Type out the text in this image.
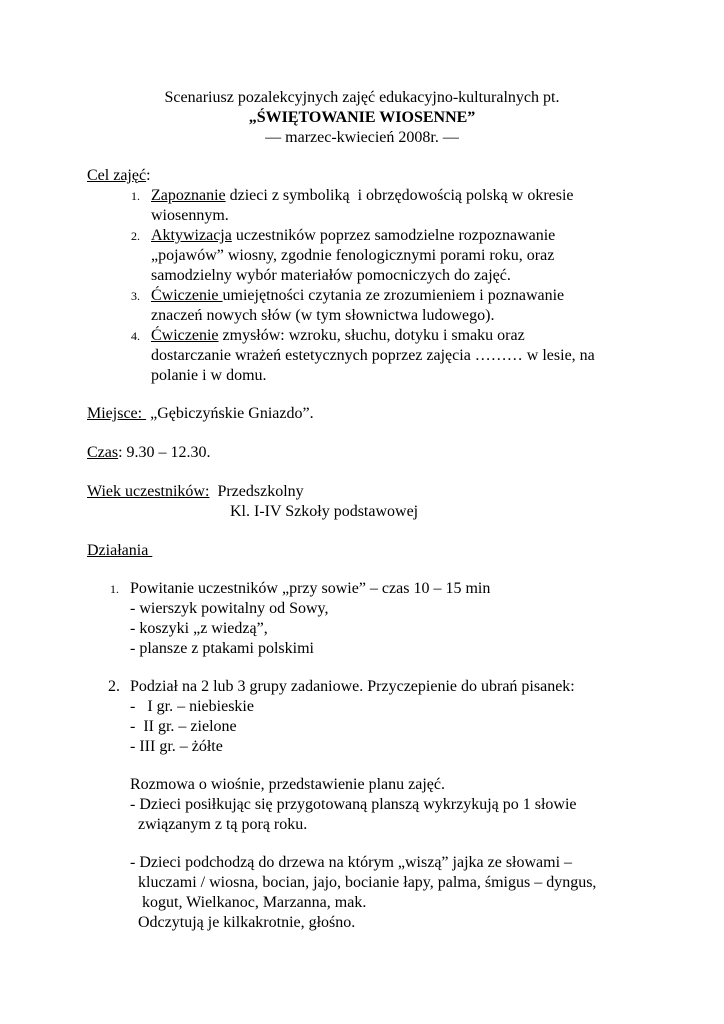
Scenariusz pozalekcyjnych zajęć edukacyjno-kulturalnych pt.
„ŚWIĘTOWANIE WIOSENNE”
— marzec-kwiecień 2008r. —
Cel zajęć:
1. Zapoznanie dzieci z symboliką  i obrzędowością polską w okresie
wiosennym.
2. Aktywizacja uczestników poprzez samodzielne rozpoznawanie
„pojawów” wiosny, zgodnie fenologicznymi porami roku, oraz
samodzielny wybór materiałów pomocniczych do zajęć.
3. Ćwiczenie umiejętności czytania ze zrozumieniem i poznawanie
znaczeń nowych słów (w tym słownictwa ludowego).
4. Ćwiczenie zmysłów: wzroku, słuchu, dotyku i smaku oraz
dostarczanie wrażeń estetycznych poprzez zajęcia ……… w lesie, na
polanie i w domu.
Miejsce:  „Gębiczyńskie Gniazdo”.
Czas: 9.30 – 12.30.
Wiek uczestników:  Przedszkolny
Kl. I-IV Szkoły podstawowej
Działania
1. Powitanie uczestników „przy sowie” – czas 10 – 15 min
- wierszyk powitalny od Sowy,
- koszyki „z wiedzą”,
- plansze z ptakami polskimi
2. Podział na 2 lub 3 grupy zadaniowe. Przyczepienie do ubrań pisanek:
-   I gr. – niebieskie
-  II gr. – zielone
- III gr. – żółte
Rozmowa o wiośnie, przedstawienie planu zajęć.
- Dzieci posiłkując się przygotowaną planszą wykrzykują po 1 słowie
związanym z tą porą roku.
- Dzieci podchodzą do drzewa na którym „wiszą” jajka ze słowami –
kluczami / wiosna, bocian, jajo, bocianie łapy, palma, śmigus – dyngus,
kogut, Wielkanoc, Marzanna, mak.
Odczytują je kilkakrotnie, głośno.
